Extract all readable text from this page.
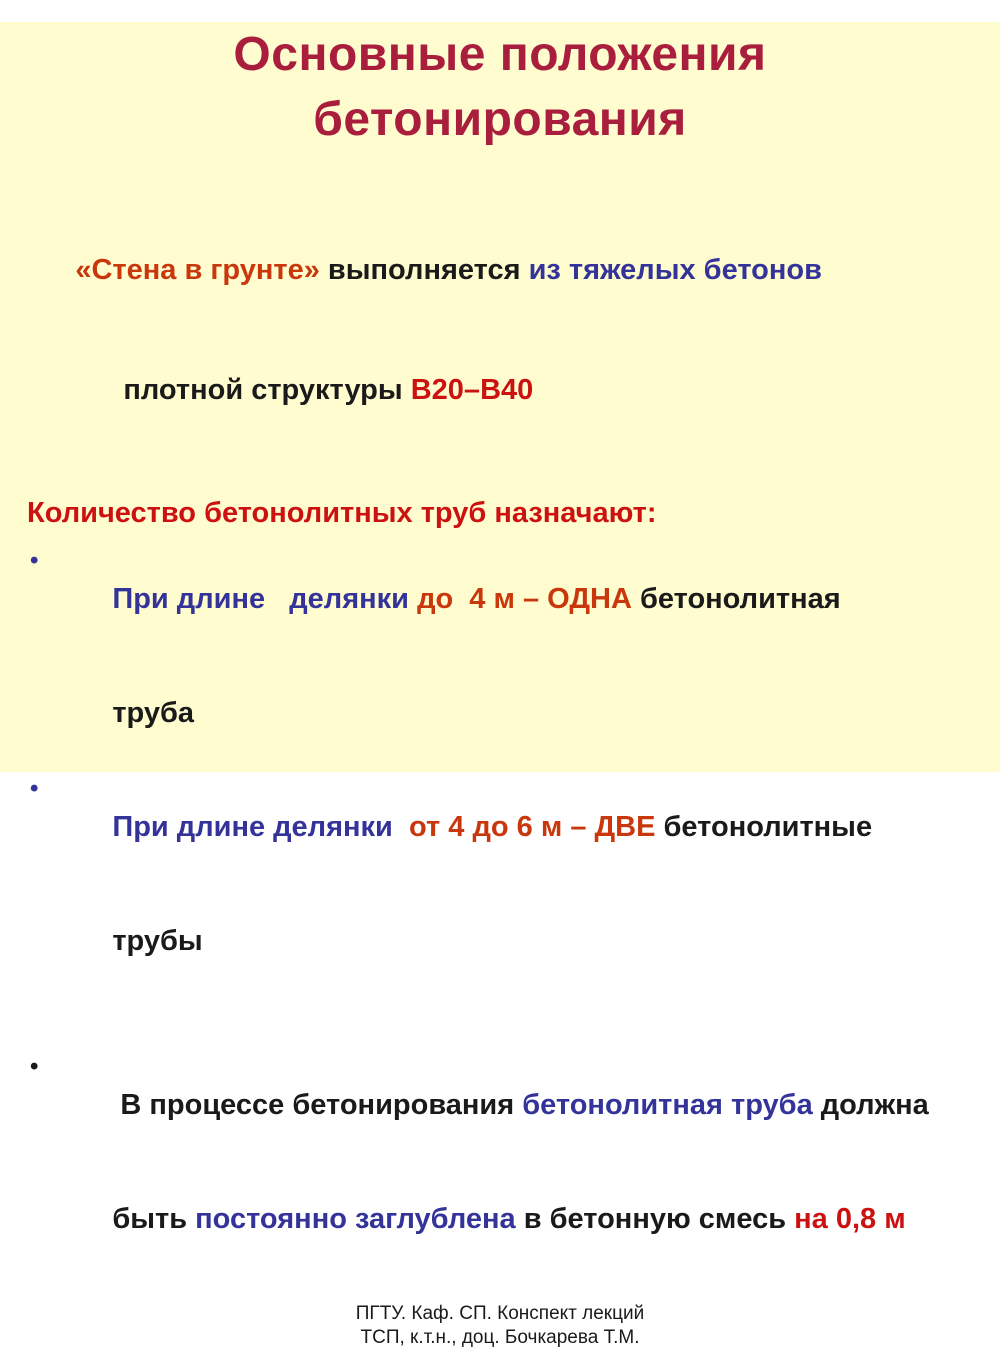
Основные положения
бетонирования

«Стена в грунте» выполняется из тяжелых бетонов

плотной структуры В20–В40

Количество бетонолитных труб назначают:
•

При длине   делянки до  4 м – ОДНА бетонолитная

труба

•

При длине делянки  от 4 до 6 м – ДВЕ бетонолитные

трубы

•

В процессе бетонирования бетонолитная труба должна

быть постоянно заглублена в бетонную смесь на 0,8 м

ПГТУ. Каф. СП. Конспект лекций
ТСП, к.т.н., доц. Бочкарева Т.М.
